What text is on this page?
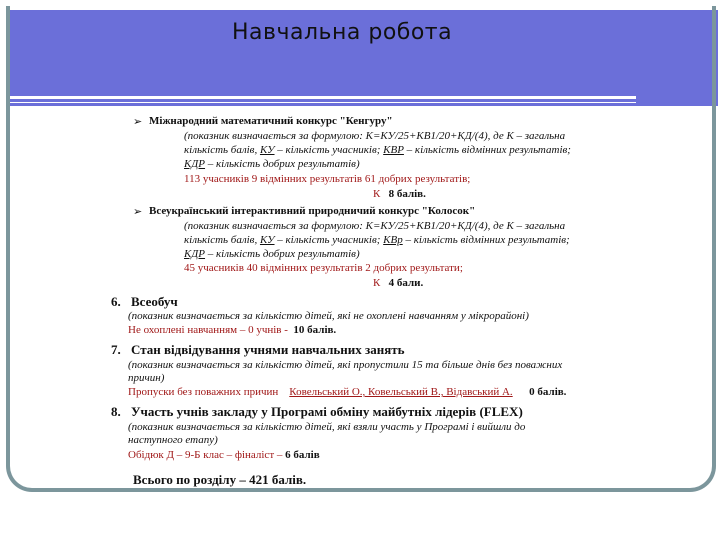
Навчальна робота
➢ Міжнародний математичний конкурс "Кенгуру"
(показник визначається за формулою: К=КУ/25+КВ1/20+КД/(4), де К – загальна
кількість балів, КУ – кількість учасників; КВР – кількість відмінних результатів;
КДР – кількість добрих результатів)
113 учасників 9 відмінних результатів 61 добрих результатів;
К 8 балів.
➢ Всеукраїнський інтерактивний природничий конкурс "Колосок"
(показник визначається за формулою: К=КУ/25+КВ1/20+КД/(4), де К – загальна
кількість балів, КУ – кількість учасників; КВр – кількість відмінних результатів;
КДР – кількість добрих результатів)
45 учасників 40 відмінних результатів 2 добрих результати;
К 4 бали.
6. Всеобуч
(показник визначається за кількістю дітей, які не охоплені навчанням у мікрорайоні)
Не охоплені навчанням – 0 учнів - 10 балів.
7. Стан відвідування учнями навчальних занять
(показник визначається за кількістю дітей, які пропустили 15 та більше днів без поважних
причин)
Пропуски без поважних причин Ковельський О., Ковельський В., Відавський А. 0 балів.
8. Участь учнів закладу у Програмі обміну майбутніх лідерів (FLEX)
(показник визначається за кількістю дітей, які взяли участь у Програмі і вийшли до
наступного етапу)
Обідюк Д – 9-Б клас – фіналіст – 6 балів
Всього по розділу – 421 балів.
